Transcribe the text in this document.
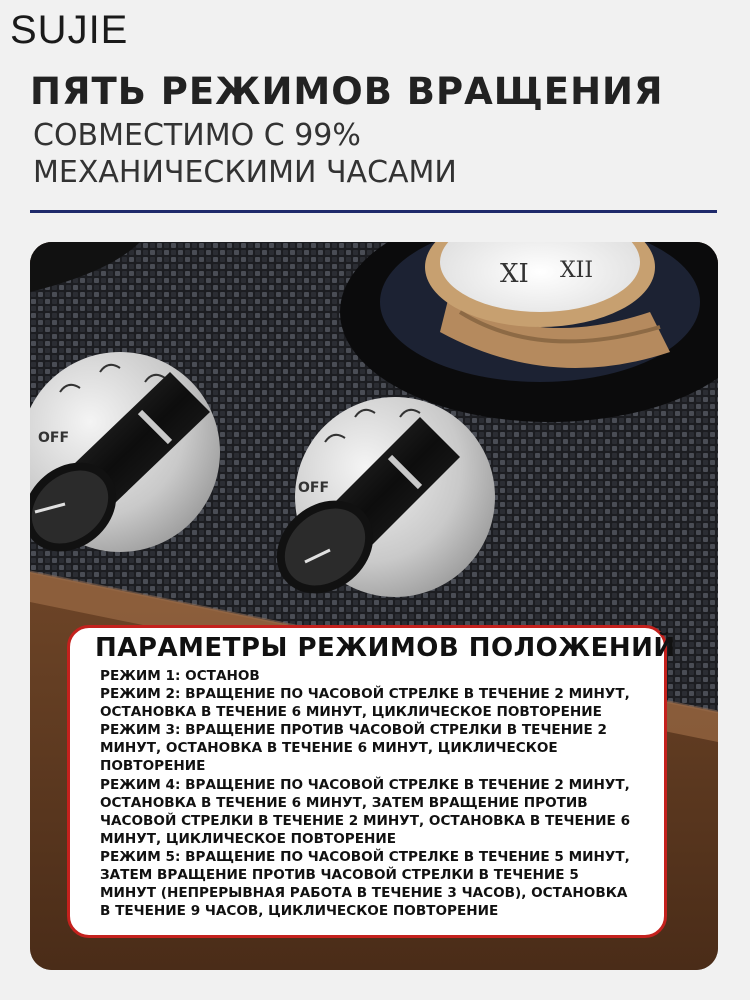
SUJIE
ПЯТЬ РЕЖИМОВ ВРАЩЕНИЯ
СОВМЕСТИМО С 99%
МЕХАНИЧЕСКИМИ ЧАСАМИ
XI XII
OFF
OFF
ПАРАМЕТРЫ РЕЖИМОВ ПОЛОЖЕНИЙ
РЕЖИМ 1: ОСТАНОВ
РЕЖИМ 2: ВРАЩЕНИЕ ПО ЧАСОВОЙ СТРЕЛКЕ В ТЕЧЕНИЕ 2 МИНУТ,
ОСТАНОВКА В ТЕЧЕНИЕ 6 МИНУТ, ЦИКЛИЧЕСКОЕ ПОВТОРЕНИЕ
РЕЖИМ 3: ВРАЩЕНИЕ ПРОТИВ ЧАСОВОЙ СТРЕЛКИ В ТЕЧЕНИЕ 2
МИНУТ, ОСТАНОВКА В ТЕЧЕНИЕ 6 МИНУТ, ЦИКЛИЧЕСКОЕ
ПОВТОРЕНИЕ
РЕЖИМ 4: ВРАЩЕНИЕ ПО ЧАСОВОЙ СТРЕЛКЕ В ТЕЧЕНИЕ 2 МИНУТ,
ОСТАНОВКА В ТЕЧЕНИЕ 6 МИНУТ, ЗАТЕМ ВРАЩЕНИЕ ПРОТИВ
ЧАСОВОЙ СТРЕЛКИ В ТЕЧЕНИЕ 2 МИНУТ, ОСТАНОВКА В ТЕЧЕНИЕ 6
МИНУТ, ЦИКЛИЧЕСКОЕ ПОВТОРЕНИЕ
РЕЖИМ 5: ВРАЩЕНИЕ ПО ЧАСОВОЙ СТРЕЛКЕ В ТЕЧЕНИЕ 5 МИНУТ,
ЗАТЕМ ВРАЩЕНИЕ ПРОТИВ ЧАСОВОЙ СТРЕЛКИ В ТЕЧЕНИЕ 5
МИНУТ (НЕПРЕРЫВНАЯ РАБОТА В ТЕЧЕНИЕ 3 ЧАСОВ), ОСТАНОВКА
В ТЕЧЕНИЕ 9 ЧАСОВ, ЦИКЛИЧЕСКОЕ ПОВТОРЕНИЕ
